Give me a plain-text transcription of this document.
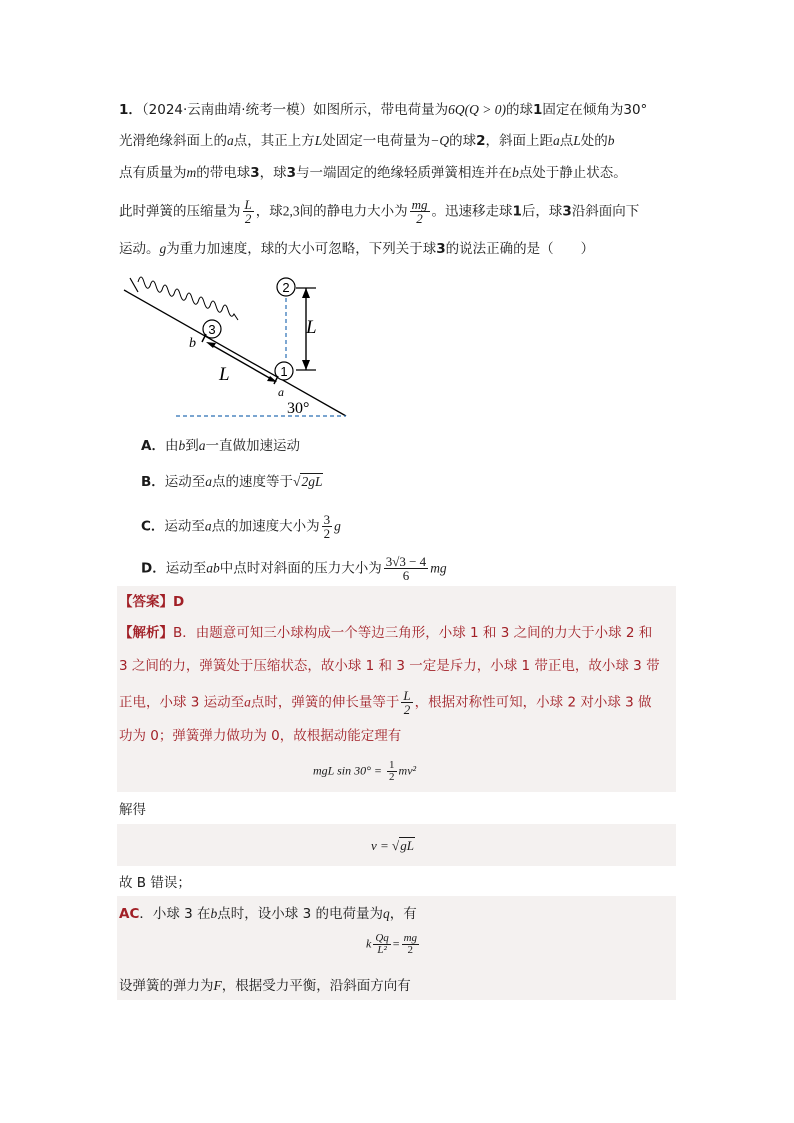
1．（2024·云南曲靖·统考一模）如图所示，带电荷量为6Q(Q > 0)的球1固定在倾角为30°
光滑绝缘斜面上的a点，其正上方L处固定一电荷量为−Q的球2，斜面上距a点L处的b
点有质量为m的带电球3，球3与一端固定的绝缘轻质弹簧相连并在b点处于静止状态。
此时弹簧的压缩量为 $\frac{L}{2}$ ，球2,3间的静电力大小为 $\frac{mg}{2}$ 。迅速移走球1后，球3沿斜面向下
运动。g为重力加速度，球的大小可忽略，下列关于球3的说法正确的是（　　）
3
2
1
b
a
L
L
30°
A．由b到a一直做加速运动
B．运动至a点的速度等于√2gL
C．运动至a点的加速度大小为 $\frac{3}{2}$ g
D．运动至ab中点时对斜面的压力大小为 $\frac{3√3 - 4}{6}$ mg
【答案】D
【解析】B．由题意可知三小球构成一个等边三角形，小球 1 和 3 之间的力大于小球 2 和
3 之间的力，弹簧处于压缩状态，故小球 1 和 3 一定是斥力，小球 1 带正电，故小球 3 带
正电，小球 3 运动至a点时，弹簧的伸长量等于 $\frac{L}{2}$ ，根据对称性可知，小球 2 对小球 3 做
功为 0；弹簧弹力做功为 0，故根据动能定理有
mgL $\sin 30^\circ = \frac{1}{2} mv^2$
解得
v = √gL
故 B 错误；
AC．小球 3 在b点时，设小球 3 的电荷量为q，有
k $\frac{Qq}{\text{L²}} = \frac{mg}{2}$
设弹簧的弹力为F，根据受力平衡，沿斜面方向有
